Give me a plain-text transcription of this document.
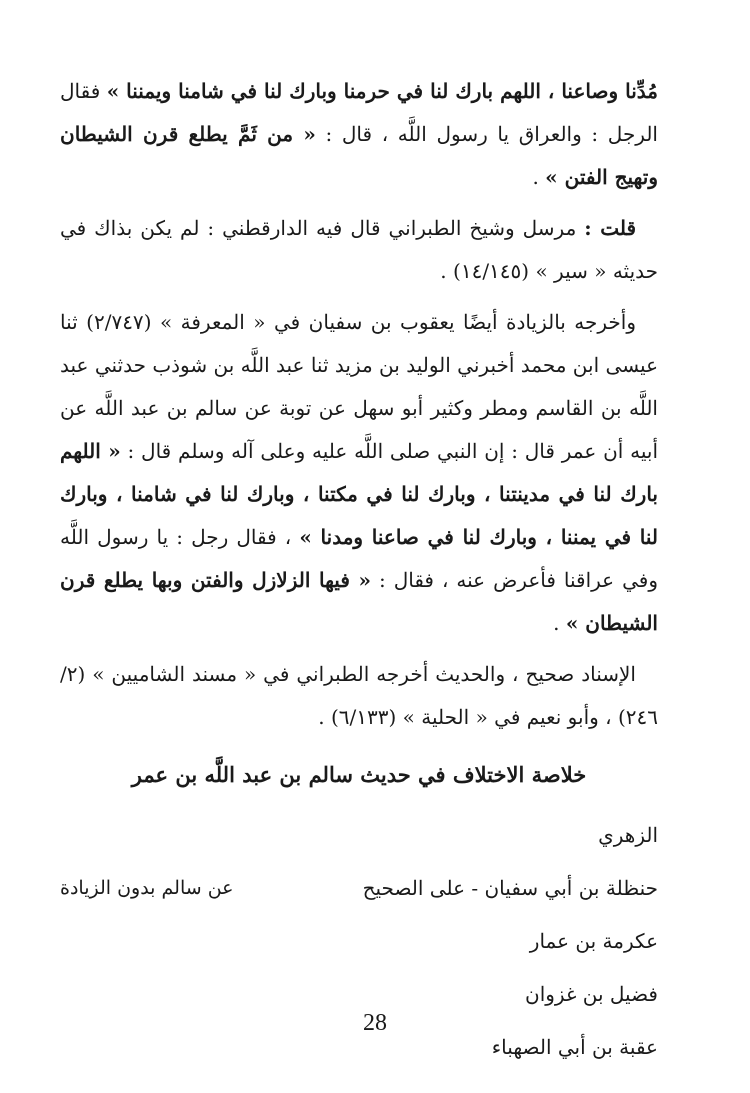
مُدِّنا وصاعنا ، اللهم بارك لنا في حرمنا وبارك لنا في شامنا ويمننا » فقال الرجل : والعراق يا رسول اللَّه ، قال : « من ثَمَّ يطلع قرن الشيطان وتهيج الفتن » .

قلت : مرسل وشيخ الطبراني قال فيه الدارقطني : لم يكن بذاك في حديثه « سير » (١٤/١٤٥) .

وأخرجه بالزيادة أيضًا يعقوب بن سفيان في « المعرفة » (٢/٧٤٧) ثنا عيسى ابن محمد أخبرني الوليد بن مزيد ثنا عبد اللَّه بن شوذب حدثني عبد اللَّه بن القاسم ومطر وكثير أبو سهل عن توبة عن سالم بن عبد اللَّه عن أبيه أن عمر قال : إن النبي صلى اللَّه عليه وعلى آله وسلم قال : « اللهم بارك لنا في مدينتنا ، وبارك لنا في مكتنا ، وبارك لنا في شامنا ، وبارك لنا في يمننا ، وبارك لنا في صاعنا ومدنا » ، فقال رجل : يا رسول اللَّه وفي عراقنا فأعرض عنه ، فقال : « فيها الزلازل والفتن وبها يطلع قرن الشيطان » .

الإسناد صحيح ، والحديث أخرجه الطبراني في « مسند الشاميين » (٢/ ٢٤٦) ، وأبو نعيم في « الحلية » (٦/١٣٣) .

خلاصة الاختلاف في حديث سالم بن عبد اللَّه بن عمر
الزهري
حنظلة بن أبي سفيان - على الصحيح
عن سالم بدون الزيادة
عكرمة بن عمار
فضيل بن غزوان
عقبة بن أبي الصهباء
28
